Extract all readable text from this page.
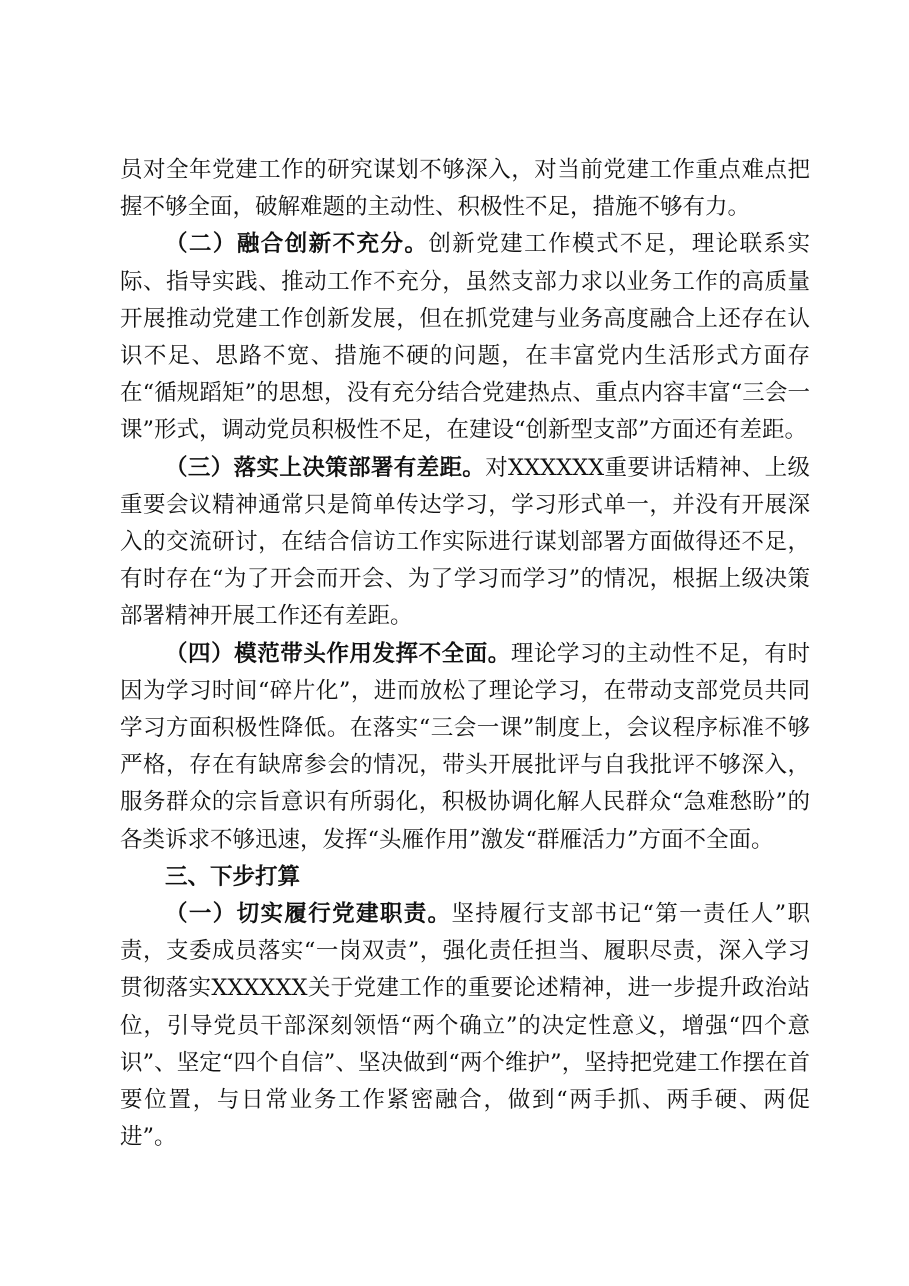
员对全年党建工作的研究谋划不够深入，对当前党建工作重点难点把握不够全面，破解难题的主动性、积极性不足，措施不够有力。

（二）融合创新不充分。创新党建工作模式不足，理论联系实际、指导实践、推动工作不充分，虽然支部力求以业务工作的高质量开展推动党建工作创新发展，但在抓党建与业务高度融合上还存在认识不足、思路不宽、措施不硬的问题，在丰富党内生活形式方面存在“循规蹈矩”的思想，没有充分结合党建热点、重点内容丰富“三会一课”形式，调动党员积极性不足，在建设“创新型支部”方面还有差距。

（三）落实上决策部署有差距。对XXXXXX重要讲话精神、上级重要会议精神通常只是简单传达学习，学习形式单一，并没有开展深入的交流研讨，在结合信访工作实际进行谋划部署方面做得还不足，有时存在“为了开会而开会、为了学习而学习”的情况，根据上级决策部署精神开展工作还有差距。

（四）模范带头作用发挥不全面。理论学习的主动性不足，有时因为学习时间“碎片化”，进而放松了理论学习，在带动支部党员共同学习方面积极性降低。在落实“三会一课”制度上，会议程序标准不够严格，存在有缺席参会的情况，带头开展批评与自我批评不够深入，服务群众的宗旨意识有所弱化，积极协调化解人民群众“急难愁盼”的各类诉求不够迅速，发挥“头雁作用”激发“群雁活力”方面不全面。

三、下步打算

（一）切实履行党建职责。坚持履行支部书记“第一责任人”职责，支委成员落实“一岗双责”，强化责任担当、履职尽责，深入学习贯彻落实XXXXXX关于党建工作的重要论述精神，进一步提升政治站位，引导党员干部深刻领悟“两个确立”的决定性意义，增强“四个意识”、坚定“四个自信”、坚决做到“两个维护”，坚持把党建工作摆在首要位置，与日常业务工作紧密融合，做到“两手抓、两手硬、两促进”。
